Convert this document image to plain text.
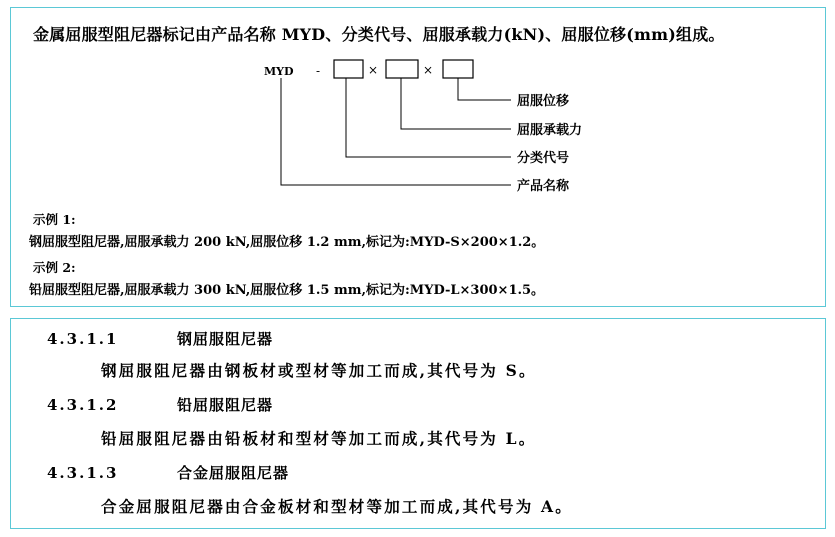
金属屈服型阻尼器标记由产品名称 MYD、分类代号、屈服承载力(kN)、屈服位移(mm)组成。
MYD -	×	×
屈服位移
屈服承载力
分类代号
产品名称
示例 1:
钢屈服型阻尼器,屈服承载力 200 kN,屈服位移 1.2 mm,标记为:MYD-S×200×1.2。
示例 2:
铅屈服型阻尼器,屈服承载力 300 kN,屈服位移 1.5 mm,标记为:MYD-L×300×1.5。
4.3.1.1	钢屈服阻尼器
钢屈服阻尼器由钢板材或型材等加工而成,其代号为 S。
4.3.1.2	铅屈服阻尼器
铅屈服阻尼器由铅板材和型材等加工而成,其代号为 L。
4.3.1.3	合金屈服阻尼器
合金屈服阻尼器由合金板材和型材等加工而成,其代号为 A。
